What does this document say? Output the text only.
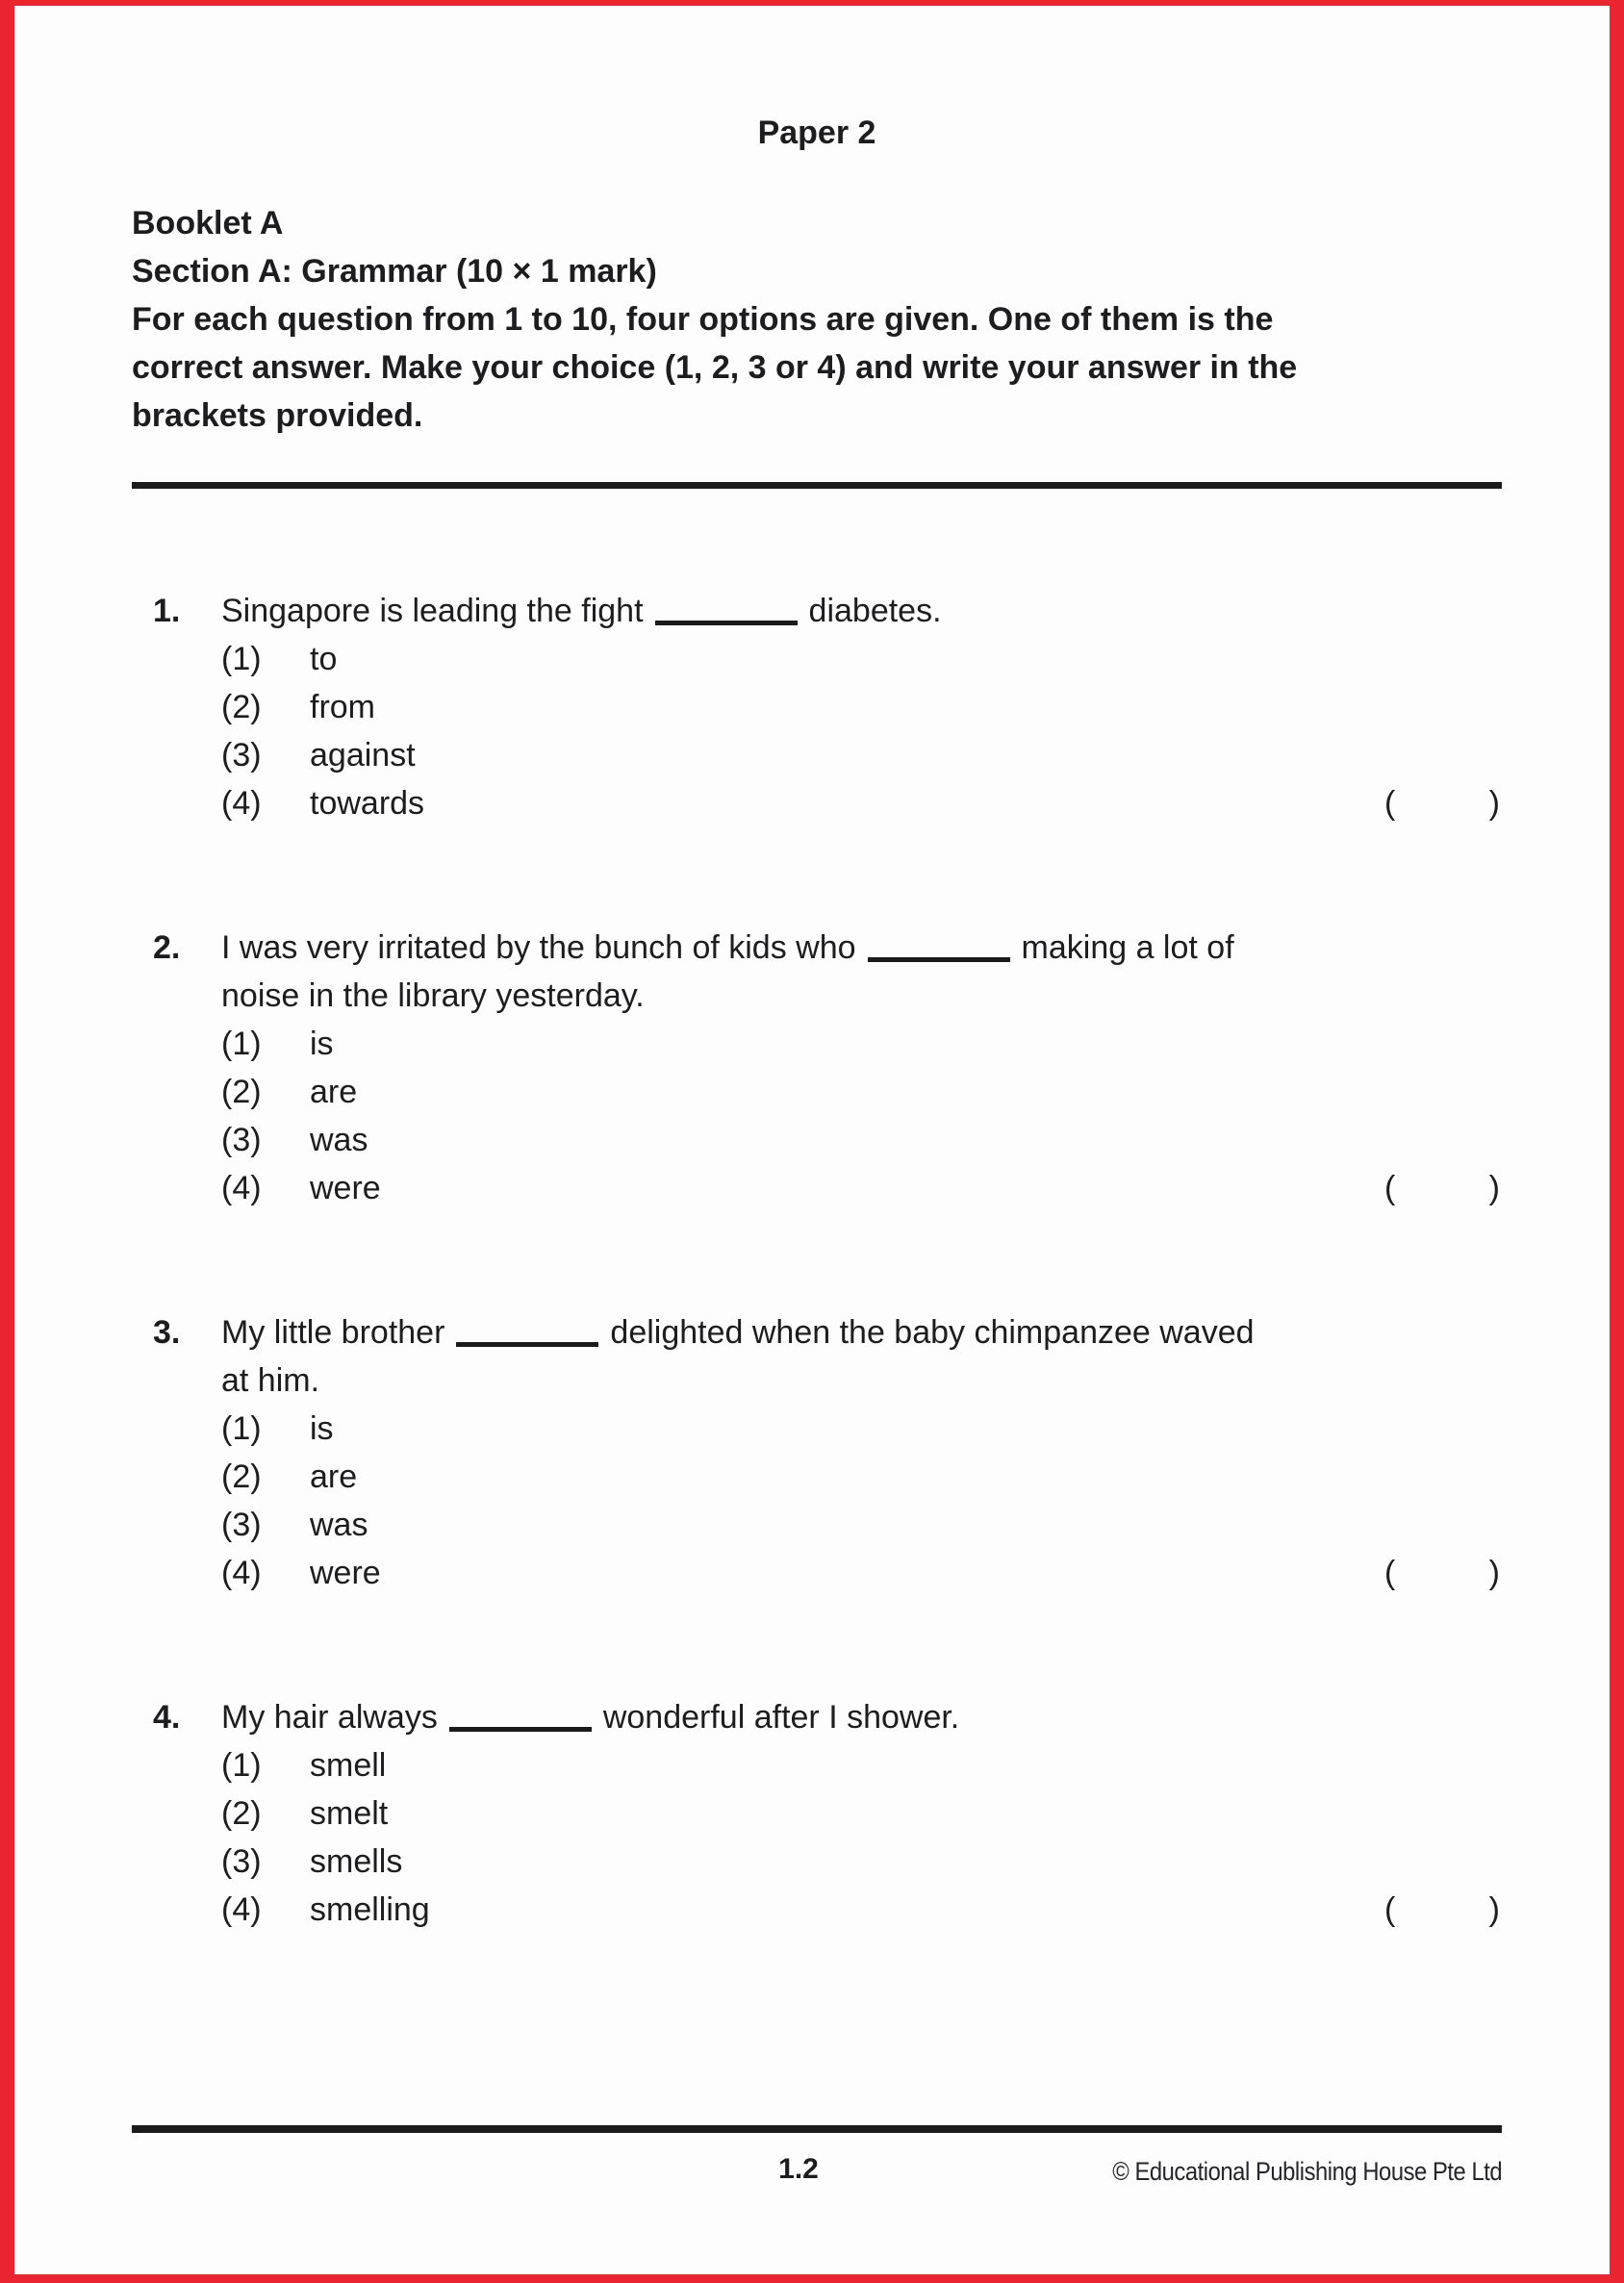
Paper 2
Booklet A
Section A: Grammar (10 × 1 mark)
For each question from 1 to 10, four options are given. One of them is the
correct answer. Make your choice (1, 2, 3 or 4) and write your answer in the
brackets provided.
1.	Singapore is leading the fight	diabetes.
(1)	to
(2)	from
(3)	against
(4)	towards	(	)
2.	I was very irritated by the bunch of kids who	making a lot of
noise in the library yesterday.
(1)	is
(2)	are
(3)	was
(4)	were	(	)
3.	My little brother	delighted when the baby chimpanzee waved
at him.
(1)	is
(2)	are
(3)	was
(4)	were	(	)
4.	My hair always	wonderful after I shower.
(1)	smell
(2)	smelt
(3)	smells
(4)	smelling	(	)
1.2	© Educational Publishing House Pte Ltd
